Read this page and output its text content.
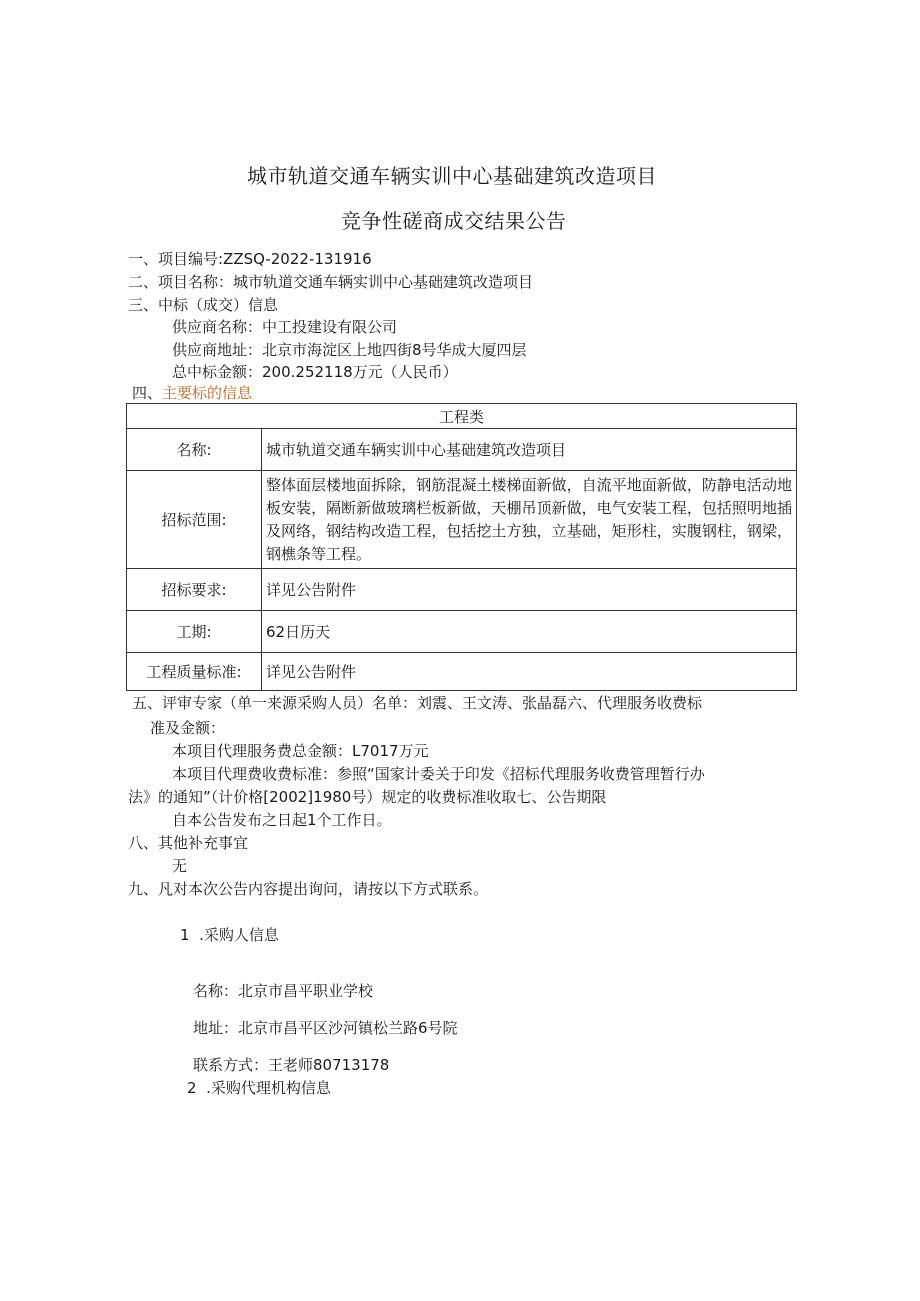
城市轨道交通车辆实训中心基础建筑改造项目
竞争性磋商成交结果公告
一、项目编号:ZZSQ-2022-131916
二、项目名称：城市轨道交通车辆实训中心基础建筑改造项目
三、中标（成交）信息
供应商名称：中工投建设有限公司
供应商地址：北京市海淀区上地四街8号华成大厦四层
总中标金额：200.252118万元（人民币）
四、主要标的信息
工程类	
名称:	城市轨道交通车辆实训中心基础建筑改造项目
招标范围:	整体面层楼地面拆除，钢筋混凝土楼梯面新做，自流平地面新做，防静电活动地板安装，隔断新做玻璃栏板新做，天棚吊顶新做，电气安装工程，包括照明地插及网络，钢结构改造工程，包括挖土方独，立基础，矩形柱，实腹钢柱，钢梁，钢樵条等工程。
招标要求:	详见公告附件
工期:	62日历天
工程质量标准:	详见公告附件
五、评审专家（单一来源采购人员）名单：刘震、王文涛、张晶磊六、代理服务收费标
准及金额：
本项目代理服务费总金额：L7017万元
本项目代理费收费标准：参照“国家计委关于印发《招标代理服务收费管理暂行办
法》的通知”（计价格[2002]1980号）规定的收费标准收取七、公告期限
自本公告发布之日起1个工作日。
八、其他补充事宜
无
九、凡对本次公告内容提出询问，请按以下方式联系。
1  .采购人信息
名称：北京市昌平职业学校
地址：北京市昌平区沙河镇松兰路6号院
联系方式：王老师80713178
2  .采购代理机构信息
